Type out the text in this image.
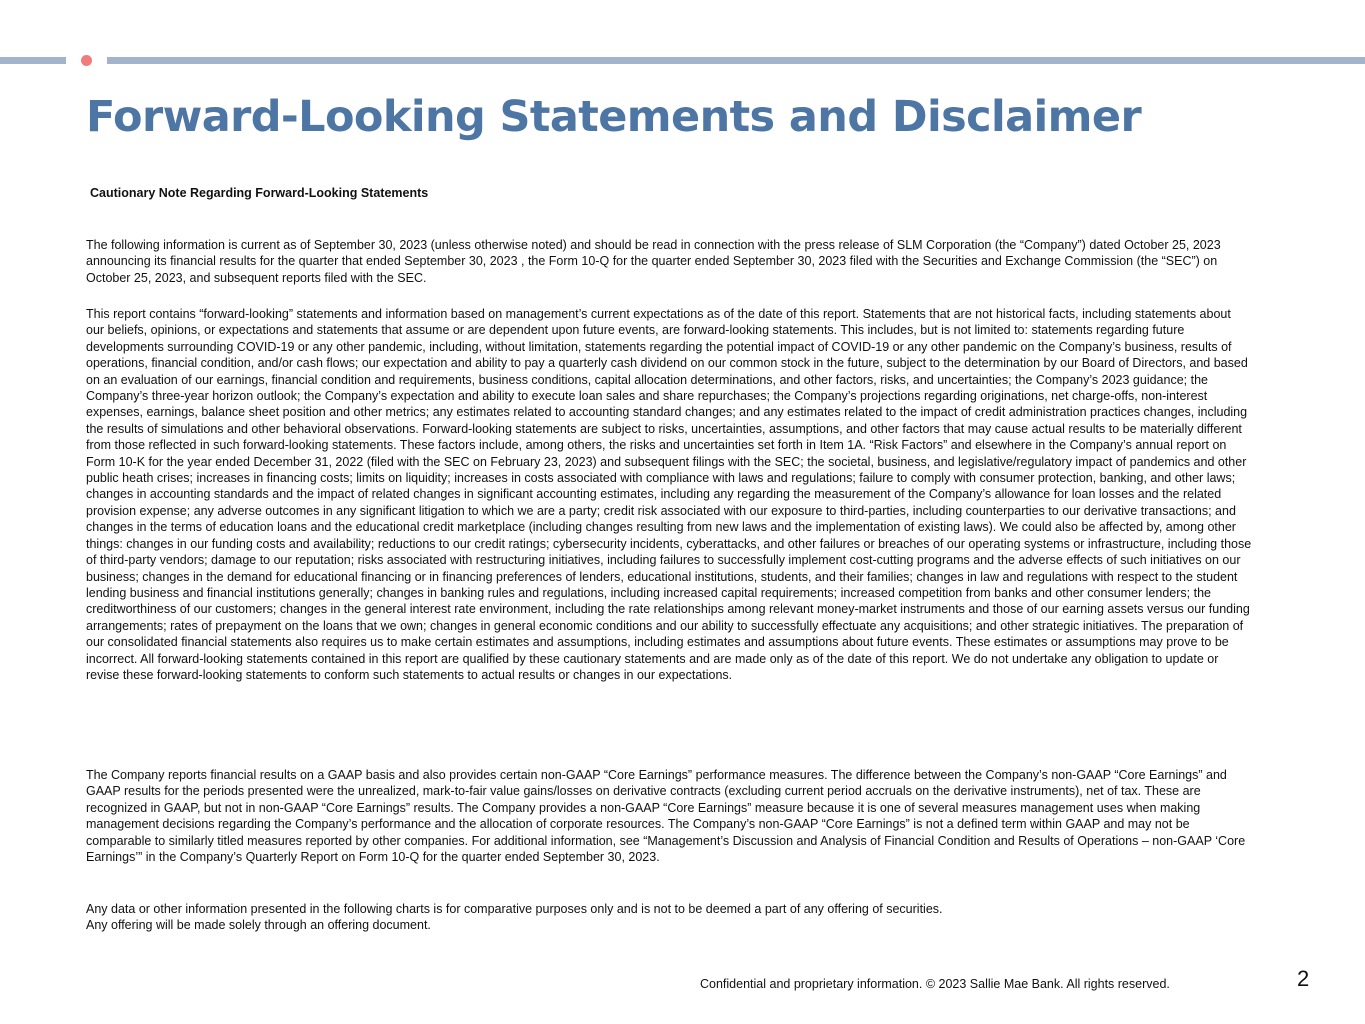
Forward-Looking Statements and Disclaimer
Cautionary Note Regarding Forward-Looking Statements

The following information is current as of September 30, 2023 (unless otherwise noted) and should be read in connection with the press release of SLM Corporation (the “Company”) dated October 25, 2023 announcing its financial results for the quarter that ended September 30, 2023 , the Form 10-Q for the quarter ended September 30, 2023 filed with the Securities and Exchange Commission (the “SEC”) on October 25, 2023, and subsequent reports filed with the SEC.

This report contains “forward-looking” statements and information based on management’s current expectations as of the date of this report. Statements that are not historical facts, including statements about our beliefs, opinions, or expectations and statements that assume or are dependent upon future events, are forward-looking statements. This includes, but is not limited to: statements regarding future developments surrounding COVID-19 or any other pandemic, including, without limitation, statements regarding the potential impact of COVID-19 or any other pandemic on the Company’s business, results of operations, financial condition, and/or cash flows; our expectation and ability to pay a quarterly cash dividend on our common stock in the future, subject to the determination by our Board of Directors, and based on an evaluation of our earnings, financial condition and requirements, business conditions, capital allocation determinations, and other factors, risks, and uncertainties; the Company’s 2023 guidance; the Company’s three-year horizon outlook; the Company’s expectation and ability to execute loan sales and share repurchases; the Company’s projections regarding originations, net charge-offs, non-interest expenses, earnings, balance sheet position and other metrics; any estimates related to accounting standard changes; and any estimates related to the impact of credit administration practices changes, including the results of simulations and other behavioral observations. Forward-looking statements are subject to risks, uncertainties, assumptions, and other factors that may cause actual results to be materially different from those reflected in such forward-looking statements. These factors include, among others, the risks and uncertainties set forth in Item 1A. “Risk Factors” and elsewhere in the Company’s annual report on Form 10-K for the year ended December 31, 2022 (filed with the SEC on February 23, 2023) and subsequent filings with the SEC; the societal, business, and legislative/regulatory impact of pandemics and other public heath crises; increases in financing costs; limits on liquidity; increases in costs associated with compliance with laws and regulations; failure to comply with consumer protection, banking, and other laws; changes in accounting standards and the impact of related changes in significant accounting estimates, including any regarding the measurement of the Company’s allowance for loan losses and the related provision expense; any adverse outcomes in any significant litigation to which we are a party; credit risk associated with our exposure to third-parties, including counterparties to our derivative transactions; and changes in the terms of education loans and the educational credit marketplace (including changes resulting from new laws and the implementation of existing laws). We could also be affected by, among other things: changes in our funding costs and availability; reductions to our credit ratings; cybersecurity incidents, cyberattacks, and other failures or breaches of our operating systems or infrastructure, including those of third-party vendors; damage to our reputation; risks associated with restructuring initiatives, including failures to successfully implement cost-cutting programs and the adverse effects of such initiatives on our business; changes in the demand for educational financing or in financing preferences of lenders, educational institutions, students, and their families; changes in law and regulations with respect to the student lending business and financial institutions generally; changes in banking rules and regulations, including increased capital requirements; increased competition from banks and other consumer lenders; the creditworthiness of our customers; changes in the general interest rate environment, including the rate relationships among relevant money-market instruments and those of our earning assets versus our funding arrangements; rates of prepayment on the loans that we own; changes in general economic conditions and our ability to successfully effectuate any acquisitions; and other strategic initiatives. The preparation of our consolidated financial statements also requires us to make certain estimates and assumptions, including estimates and assumptions about future events. These estimates or assumptions may prove to be incorrect. All forward-looking statements contained in this report are qualified by these cautionary statements and are made only as of the date of this report. We do not undertake any obligation to update or revise these forward-looking statements to conform such statements to actual results or changes in our expectations.

The Company reports financial results on a GAAP basis and also provides certain non-GAAP “Core Earnings” performance measures. The difference between the Company’s non-GAAP “Core Earnings” and GAAP results for the periods presented were the unrealized, mark-to-fair value gains/losses on derivative contracts (excluding current period accruals on the derivative instruments), net of tax. These are recognized in GAAP, but not in non-GAAP “Core Earnings” results. The Company provides a non-GAAP “Core Earnings” measure because it is one of several measures management uses when making management decisions regarding the Company’s performance and the allocation of corporate resources. The Company’s non-GAAP “Core Earnings” is not a defined term within GAAP and may not be comparable to similarly titled measures reported by other companies. For additional information, see “Management’s Discussion and Analysis of Financial Condition and Results of Operations – non-GAAP ‘Core Earnings’” in the Company’s Quarterly Report on Form 10-Q for the quarter ended September 30, 2023.

Any data or other information presented in the following charts is for comparative purposes only and is not to be deemed a part of any offering of securities.
Any offering will be made solely through an offering document.
Confidential and proprietary information. © 2023 Sallie Mae Bank. All rights reserved.	2
